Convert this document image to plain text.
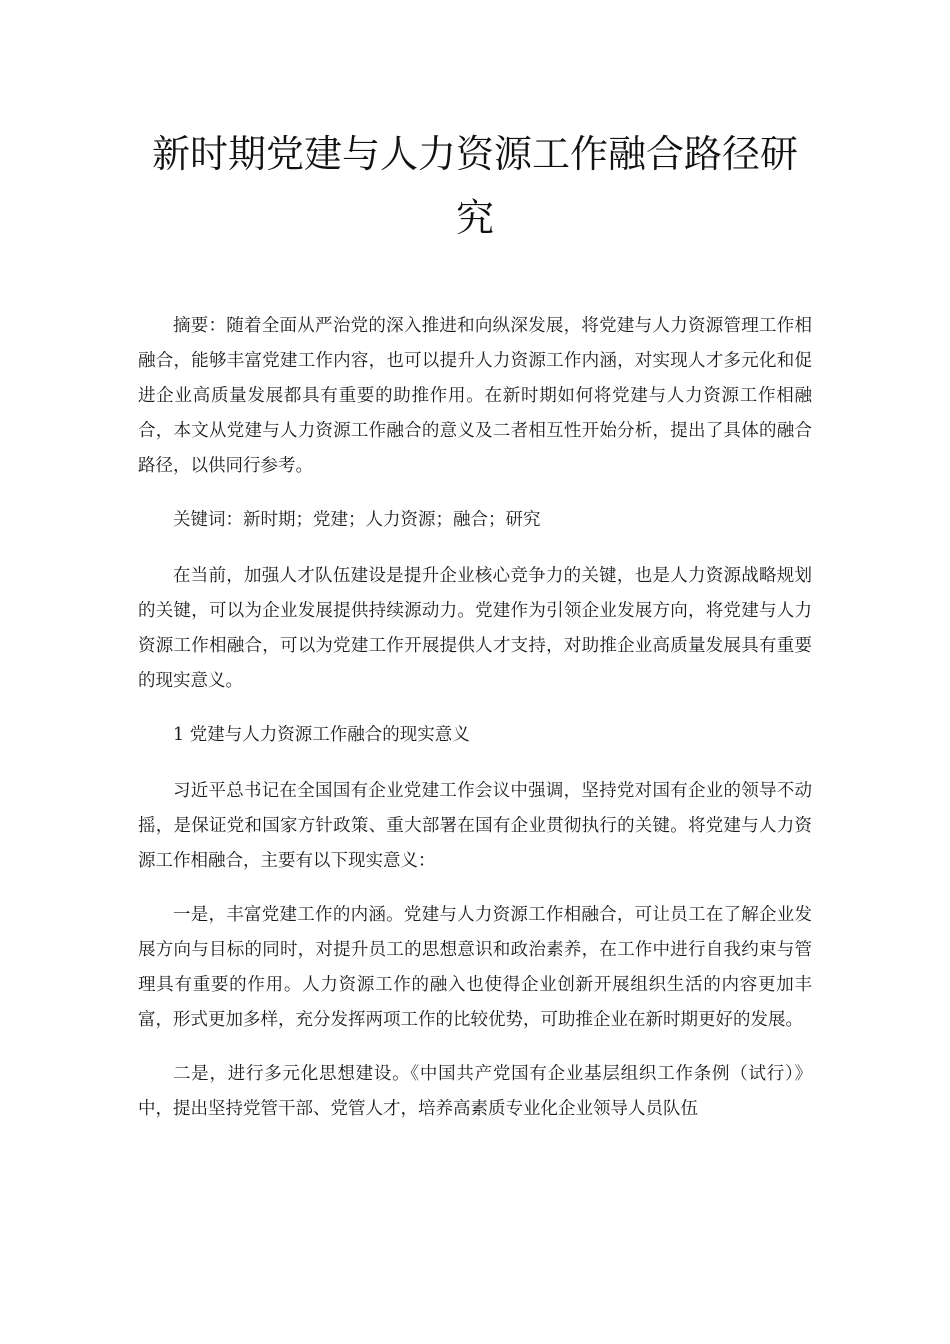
新时期党建与人力资源工作融合路径研究

摘要：随着全面从严治党的深入推进和向纵深发展，将党建与人力资源管理工作相融合，能够丰富党建工作内容，也可以提升人力资源工作内涵，对实现人才多元化和促进企业高质量发展都具有重要的助推作用。在新时期如何将党建与人力资源工作相融合，本文从党建与人力资源工作融合的意义及二者相互性开始分析，提出了具体的融合路径，以供同行参考。

关键词：新时期；党建；人力资源；融合；研究

在当前，加强人才队伍建设是提升企业核心竞争力的关键，也是人力资源战略规划的关键，可以为企业发展提供持续源动力。党建作为引领企业发展方向，将党建与人力资源工作相融合，可以为党建工作开展提供人才支持，对助推企业高质量发展具有重要的现实意义。

1 党建与人力资源工作融合的现实意义

习近平总书记在全国国有企业党建工作会议中强调，坚持党对国有企业的领导不动摇，是保证党和国家方针政策、重大部署在国有企业贯彻执行的关键。将党建与人力资源工作相融合，主要有以下现实意义：

一是，丰富党建工作的内涵。党建与人力资源工作相融合，可让员工在了解企业发展方向与目标的同时，对提升员工的思想意识和政治素养，在工作中进行自我约束与管理具有重要的作用。人力资源工作的融入也使得企业创新开展组织生活的内容更加丰富，形式更加多样，充分发挥两项工作的比较优势，可助推企业在新时期更好的发展。

二是，进行多元化思想建设。《中国共产党国有企业基层组织工作条例（试行）》中，提出坚持党管干部、党管人才，培养高素质专业化企业领导人员队伍
